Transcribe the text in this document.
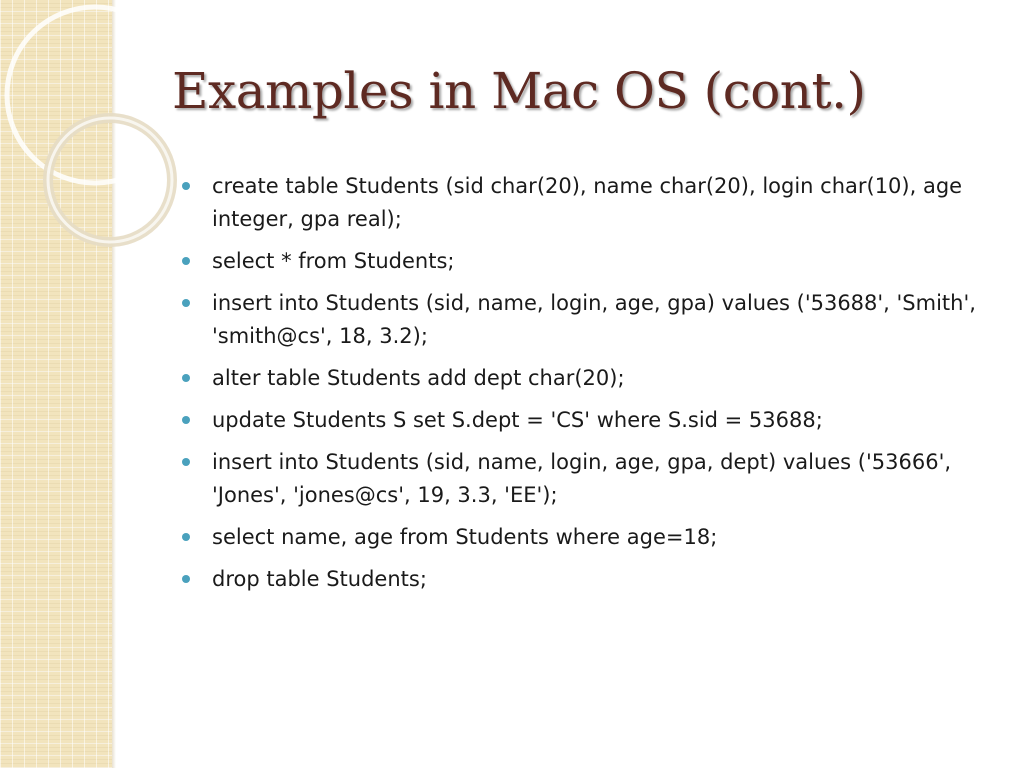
Examples in Mac OS (cont.)
create table Students (sid char(20), name char(20), login char(10), age integer, gpa real);
select * from Students;
insert into Students (sid, name, login, age, gpa) values ('53688', 'Smith', 'smith@cs', 18, 3.2);
alter table Students add dept char(20);
update Students S set S.dept = 'CS' where S.sid = 53688;
insert into Students (sid, name, login, age, gpa, dept) values ('53666', 'Jones', 'jones@cs', 19, 3.3, 'EE');
select name, age from Students where age=18;
drop table Students;
